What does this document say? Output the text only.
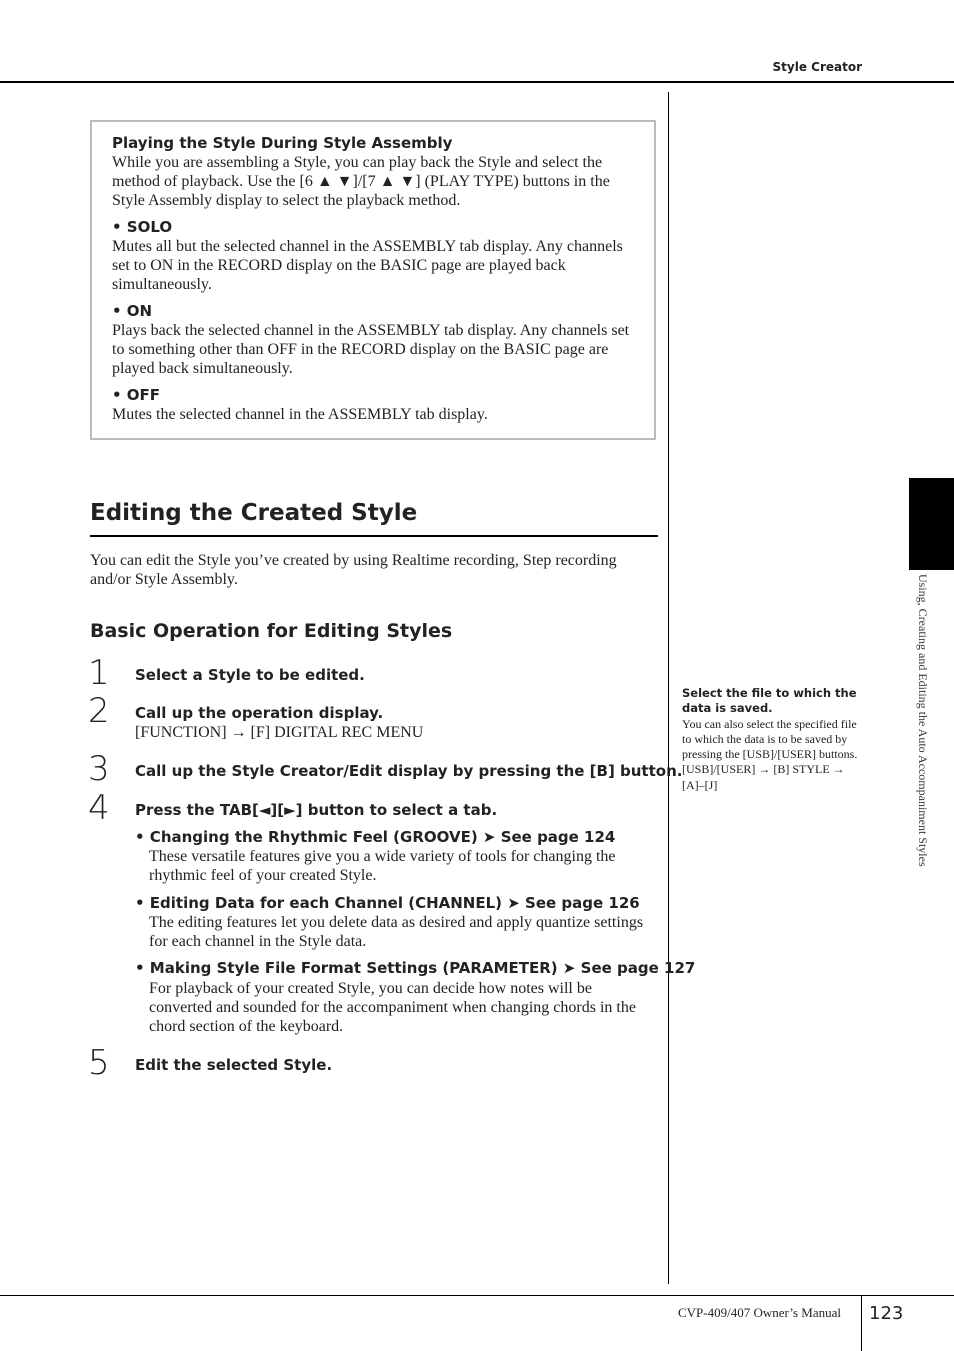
Style Creator
Using, Creating and Editing the Auto Accompaniment Styles

Playing the Style During Style Assembly

While you are assembling a Style, you can play back the Style and select the method of playback. Use the [6 ▲ ▼]/[7 ▲ ▼] (PLAY TYPE) buttons in the Style Assembly display to select the playback method.

• SOLO

Mutes all but the selected channel in the ASSEMBLY tab display. Any channels set to ON in the RECORD display on the BASIC page are played back simultaneously.

• ON

Plays back the selected channel in the ASSEMBLY tab display. Any channels set to something other than OFF in the RECORD display on the BASIC page are played back simultaneously.

• OFF

Mutes the selected channel in the ASSEMBLY tab display.

Editing the Created Style
You can edit the Style you’ve created by using Realtime recording, Step recording and/or Style Assembly.
Basic Operation for Editing Styles
1 Select a Style to be edited.
2 Call up the operation display.
[FUNCTION] → [F] DIGITAL REC MENU
3 Call up the Style Creator/Edit display by pressing the [B] button.
4 Press the TAB[◄][►] button to select a tab.
• Changing the Rhythmic Feel (GROOVE) ➤ See page 124
These versatile features give you a wide variety of tools for changing the rhythmic feel of your created Style.
• Editing Data for each Channel (CHANNEL) ➤ See page 126
The editing features let you delete data as desired and apply quantize settings for each channel in the Style data.
• Making Style File Format Settings (PARAMETER) ➤ See page 127
For playback of your created Style, you can decide how notes will be converted and sounded for the accompaniment when changing chords in the chord section of the keyboard.
5 Edit the selected Style.

Select the file to which the data is saved.

You can also select the specified file to which the data is to be saved by pressing the [USB]/[USER] buttons.

[USB]/[USER] → [B] STYLE → [A]–[J]

CVP-409/407 Owner’s Manual 123
